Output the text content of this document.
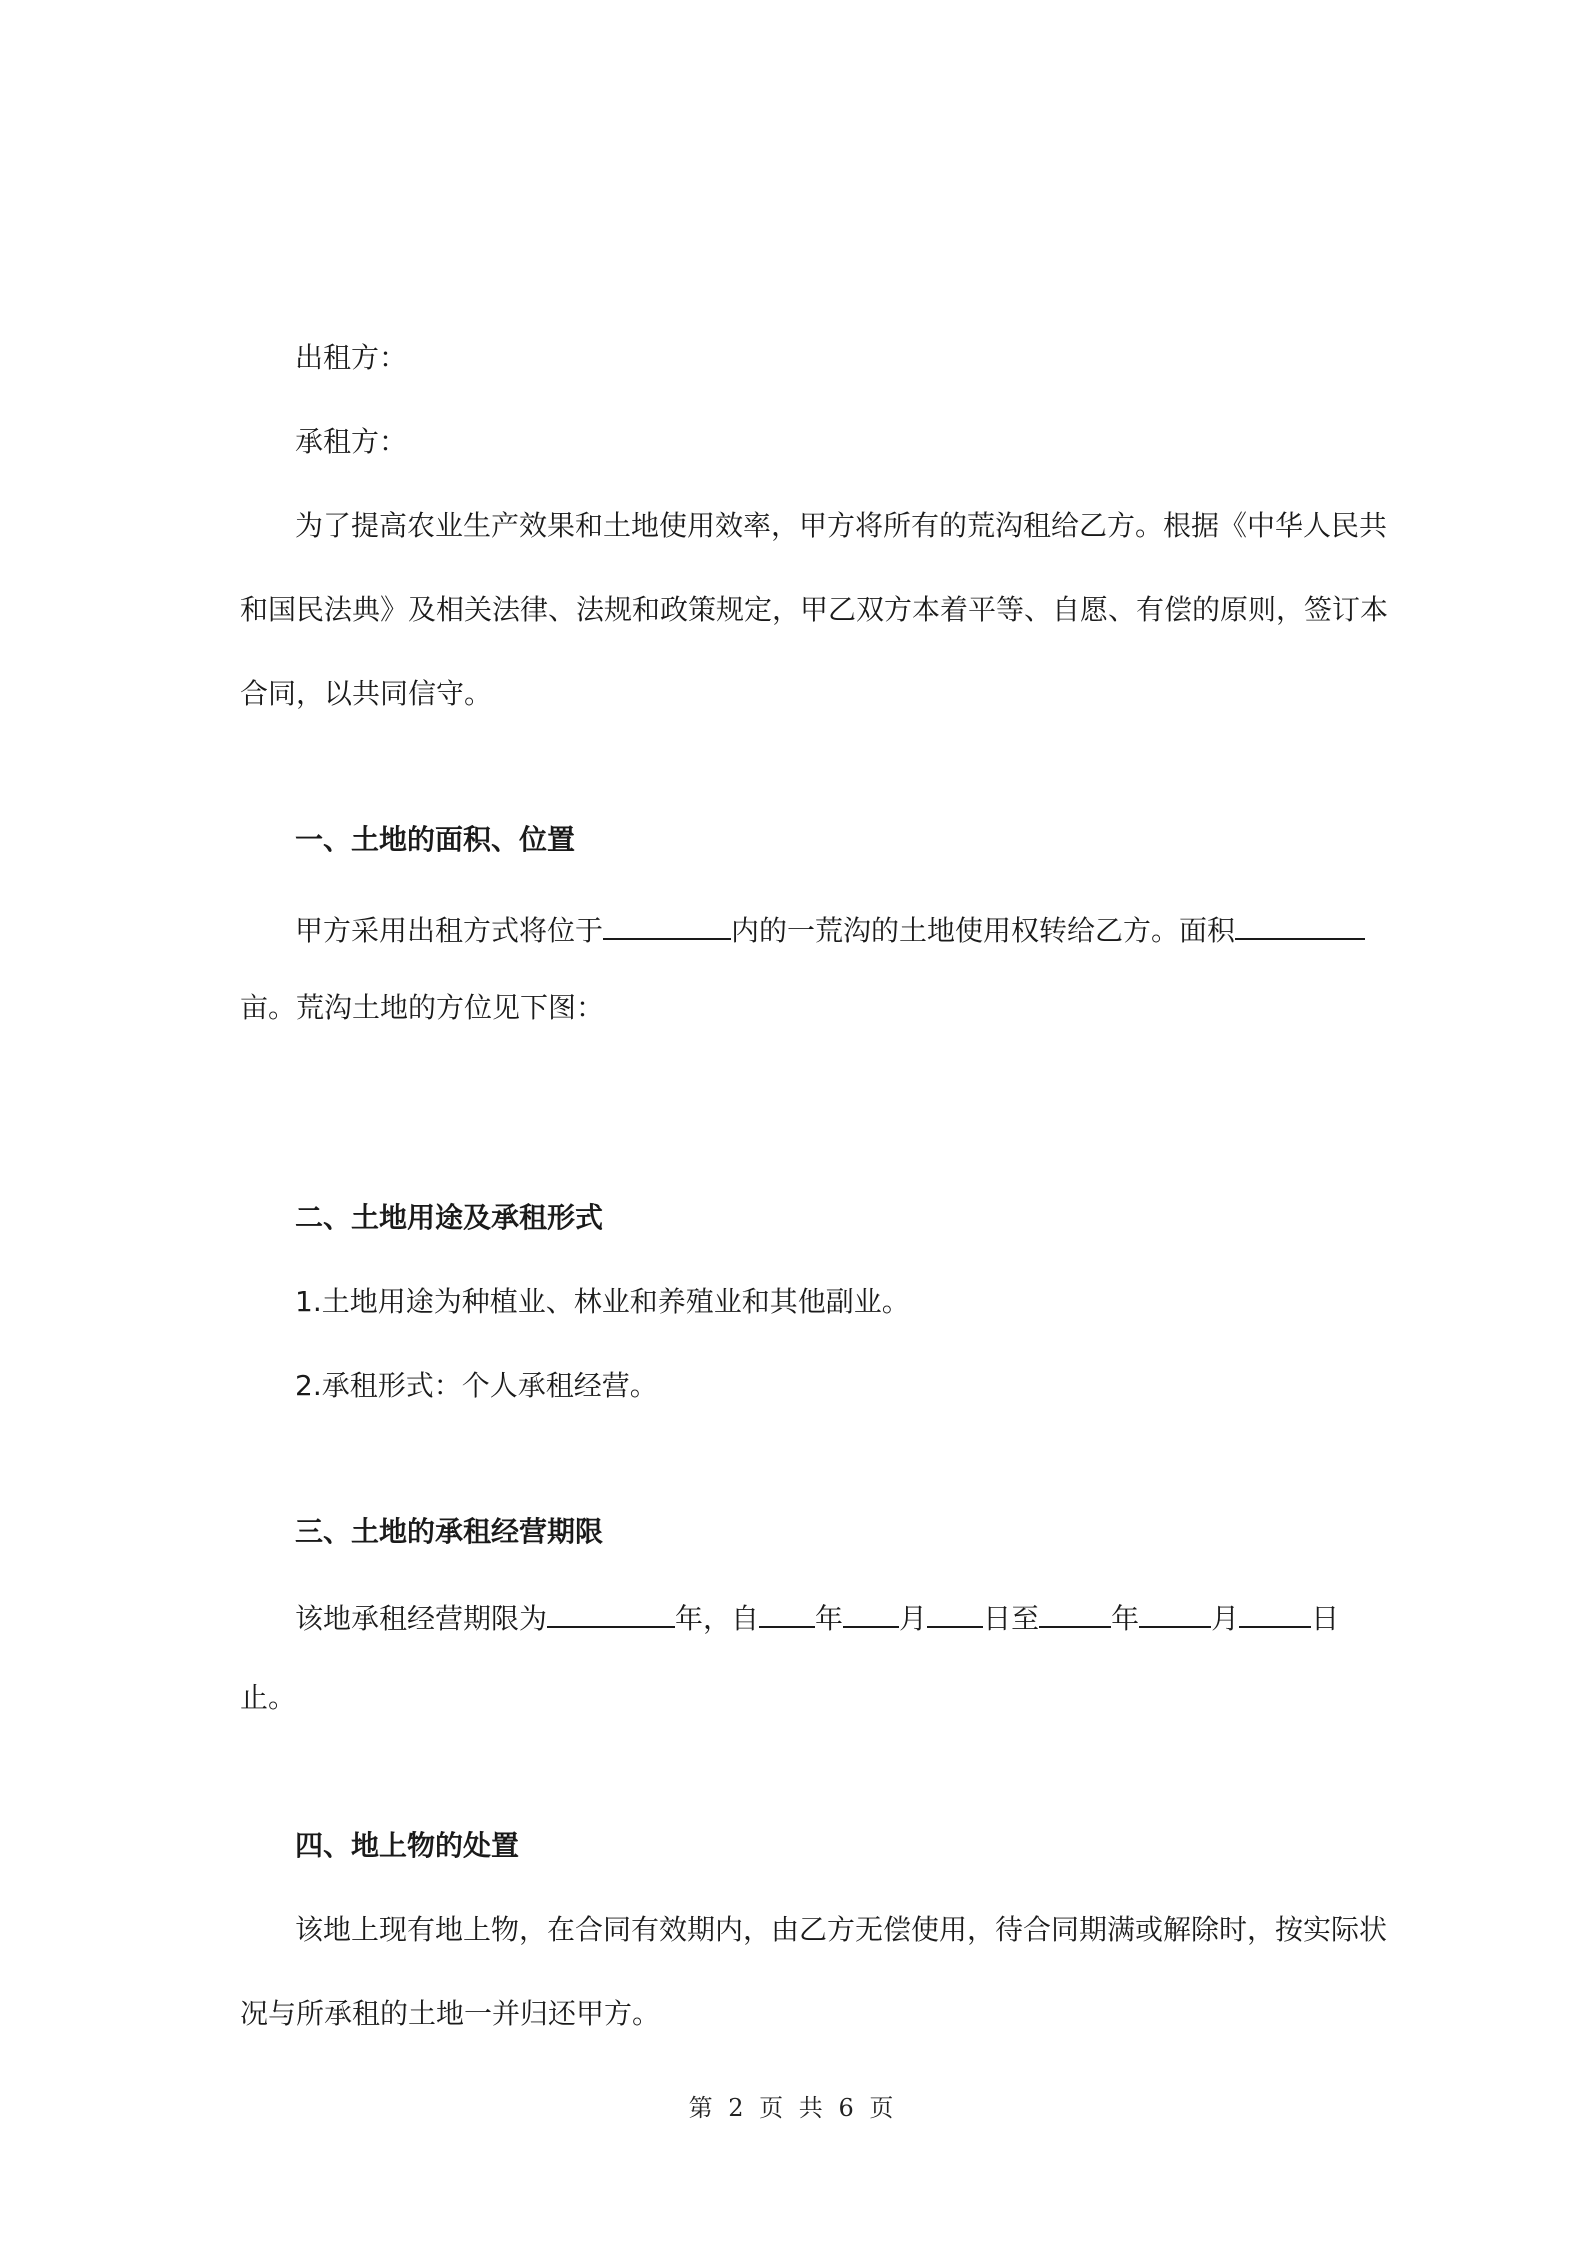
出租方：
承租方：
为了提高农业生产效果和土地使用效率，甲方将所有的荒沟租给乙方。根据《中华人民共
和国民法典》及相关法律、法规和政策规定，甲乙双方本着平等、自愿、有偿的原则，签订本
合同，以共同信守。
一、土地的面积、位置
甲方采用出租方式将位于	内的一荒沟的土地使用权转给乙方。面积
亩。荒沟土地的方位见下图：
二、土地用途及承租形式
1.土地用途为种植业、林业和养殖业和其他副业。
2.承租形式：个人承租经营。
三、土地的承租经营期限
该地承租经营期限为	年，自 年 月 日至	年	月	日
止。
四、地上物的处置
该地上现有地上物，在合同有效期内，由乙方无偿使用，待合同期满或解除时，按实际状
况与所承租的土地一并归还甲方。
第 2 页 共 6 页
